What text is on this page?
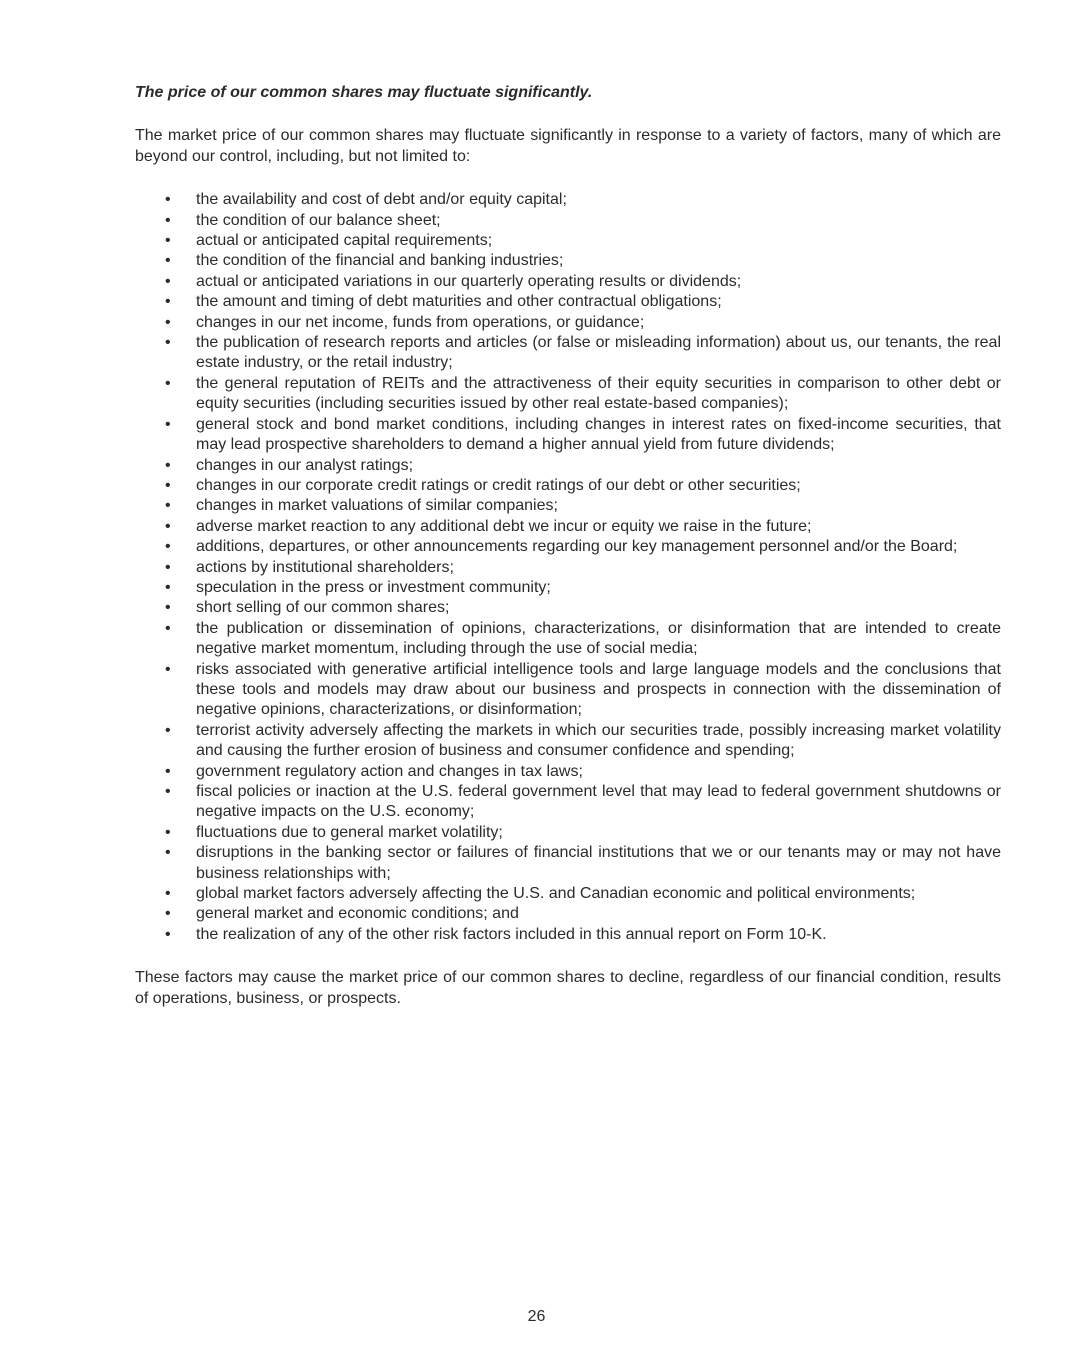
The price of our common shares may fluctuate significantly.

The market price of our common shares may fluctuate significantly in response to a variety of factors, many of which are beyond our control, including, but not limited to:

• the availability and cost of debt and/or equity capital;
• the condition of our balance sheet;
• actual or anticipated capital requirements;
• the condition of the financial and banking industries;
• actual or anticipated variations in our quarterly operating results or dividends;
• the amount and timing of debt maturities and other contractual obligations;
• changes in our net income, funds from operations, or guidance;
• the publication of research reports and articles (or false or misleading information) about us, our tenants, the real estate industry, or the retail industry;
• the general reputation of REITs and the attractiveness of their equity securities in comparison to other debt or equity securities (including securities issued by other real estate-based companies);
• general stock and bond market conditions, including changes in interest rates on fixed-income securities, that may lead prospective shareholders to demand a higher annual yield from future dividends;
• changes in our analyst ratings;
• changes in our corporate credit ratings or credit ratings of our debt or other securities;
• changes in market valuations of similar companies;
• adverse market reaction to any additional debt we incur or equity we raise in the future;
• additions, departures, or other announcements regarding our key management personnel and/or the Board;
• actions by institutional shareholders;
• speculation in the press or investment community;
• short selling of our common shares;
• the publication or dissemination of opinions, characterizations, or disinformation that are intended to create negative market momentum, including through the use of social media;
• risks associated with generative artificial intelligence tools and large language models and the conclusions that these tools and models may draw about our business and prospects in connection with the dissemination of negative opinions, characterizations, or disinformation;
• terrorist activity adversely affecting the markets in which our securities trade, possibly increasing market volatility and causing the further erosion of business and consumer confidence and spending;
• government regulatory action and changes in tax laws;
• fiscal policies or inaction at the U.S. federal government level that may lead to federal government shutdowns or negative impacts on the U.S. economy;
• fluctuations due to general market volatility;
• disruptions in the banking sector or failures of financial institutions that we or our tenants may or may not have business relationships with;
• global market factors adversely affecting the U.S. and Canadian economic and political environments;
• general market and economic conditions; and
• the realization of any of the other risk factors included in this annual report on Form 10-K.

These factors may cause the market price of our common shares to decline, regardless of our financial condition, results of operations, business, or prospects.

26
